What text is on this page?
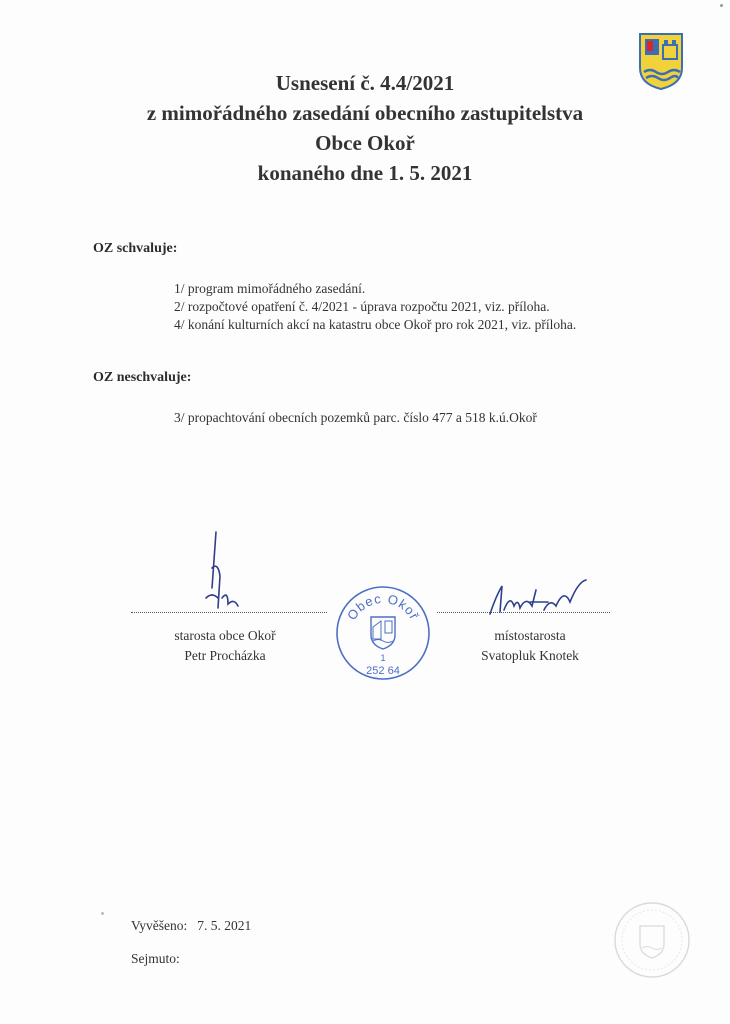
Usnesení č. 4.4/2021
z mimořádného zasedání obecního zastupitelstva
Obce Okoř
konaného dne 1. 5. 2021
OZ schvaluje:
1/ program mimořádného zasedání.
2/ rozpočtové opatření č. 4/2021 - úprava rozpočtu 2021, viz. příloha.
4/ konání kulturních akcí na katastru obce Okoř pro rok 2021, viz. příloha.
OZ neschvaluje:
3/ propachtování obecních pozemků parc. číslo 477 a 518 k.ú.Okoř
starosta obce Okoř
Petr Procházka
Obec Okoř
1
252 64
místostarosta
Svatopluk Knotek
Vyvěšeno: 7. 5. 2021
Sejmuto:
